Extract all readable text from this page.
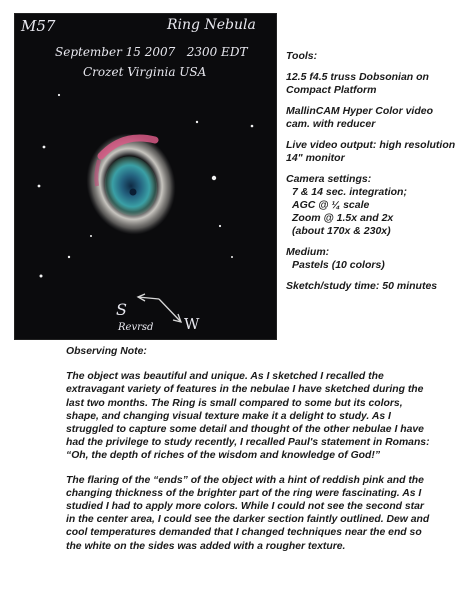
M57	Ring Nebula
September 15 2007   2300 EDT
Crozet Virginia USA
S
W
Revrsd

Tools:

12.5 f4.5 truss Dobsonian on Compact Platform

MallinCAM Hyper Color video cam. with reducer

Live video output: high resolution 14" monitor

Camera settings:
7 & 14 sec. integration;
AGC @ ¼ scale
Zoom @ 1.5x and 2x
(about 170x & 230x)
Medium:
Pastels (10 colors)

Sketch/study time: 50 minutes

Observing Note:

The object was beautiful and unique. As I sketched I recalled the extravagant variety of features in the nebulae I have sketched during the last two months. The Ring is small compared to some but its colors, shape, and changing visual texture make it a delight to study. As I struggled to capture some detail and thought of the other nebulae I have had the privilege to study recently, I recalled Paul's statement in Romans: “Oh, the depth of riches of the wisdom and knowledge of God!”

The flaring of the “ends” of the object with a hint of reddish pink and the changing thickness of the brighter part of the ring were fascinating. As I studied I had to apply more colors. While I could not see the second star in the center area, I could see the darker section faintly outlined. Dew and cool temperatures demanded that I changed techniques near the end so the white on the sides was added with a rougher texture.
